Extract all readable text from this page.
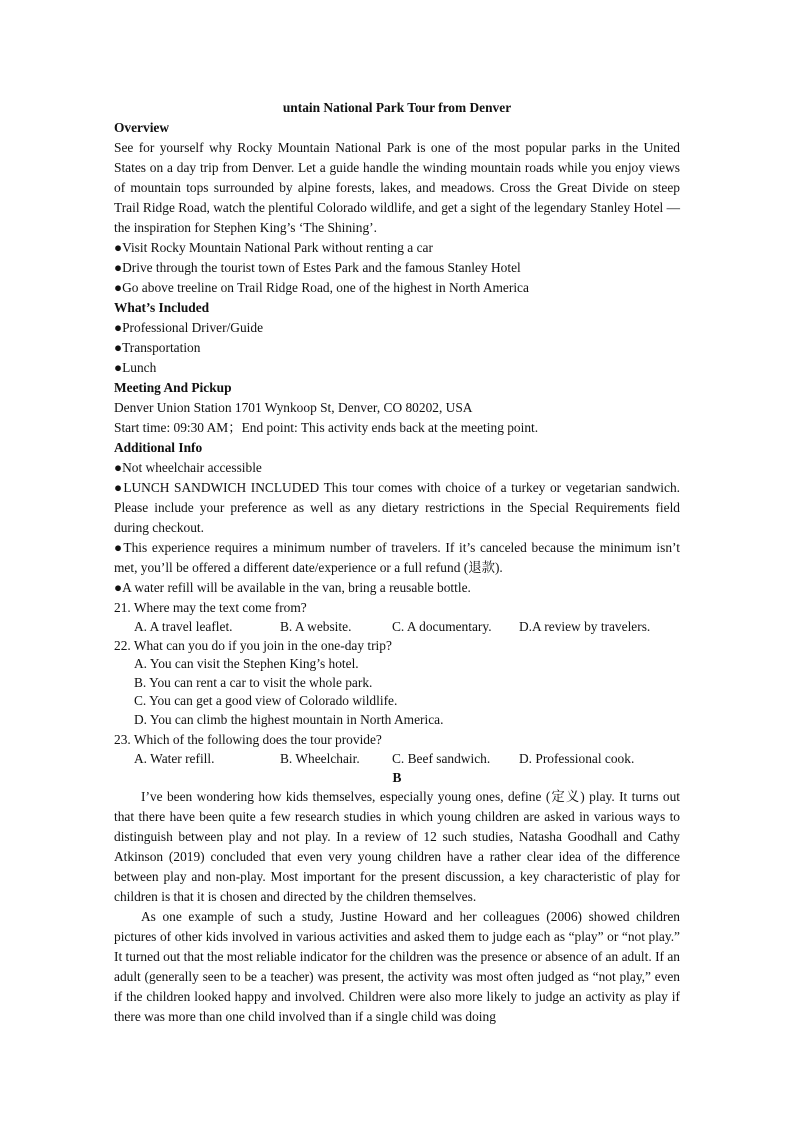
untain National Park Tour from Denver
Overview
See for yourself why Rocky Mountain National Park is one of the most popular parks in the United States on a day trip from Denver. Let a guide handle the winding mountain roads while you enjoy views of mountain tops surrounded by alpine forests, lakes, and meadows. Cross the Great Divide on steep Trail Ridge Road, watch the plentiful Colorado wildlife, and get a sight of the legendary Stanley Hotel — the inspiration for Stephen King’s ‘The Shining’.
●Visit Rocky Mountain National Park without renting a car
●Drive through the tourist town of Estes Park and the famous Stanley Hotel
●Go above treeline on Trail Ridge Road, one of the highest in North America
What’s Included
●Professional Driver/Guide
●Transportation
●Lunch
Meeting And Pickup
Denver Union Station 1701 Wynkoop St, Denver, CO 80202, USA
Start time: 09:30 AM；End point: This activity ends back at the meeting point.
Additional Info
●Not wheelchair accessible
●LUNCH SANDWICH INCLUDED This tour comes with choice of a turkey or vegetarian sandwich. Please include your preference as well as any dietary restrictions in the Special Requirements field during checkout.
●This experience requires a minimum number of travelers. If it’s canceled because the minimum isn’t met, you’ll be offered a different date/experience or a full refund (退款).
●A water refill will be available in the van, bring a reusable bottle.
21. Where may the text come from?
A. A travel leaflet.	B. A website.	C. A documentary.	D.A review by travelers.
22. What can you do if you join in the one-day trip?
A. You can visit the Stephen King’s hotel.
B. You can rent a car to visit the whole park.
C. You can get a good view of Colorado wildlife.
D. You can climb the highest mountain in North America.
23. Which of the following does the tour provide?
A. Water refill.	B. Wheelchair.	C. Beef sandwich.	D. Professional cook.
B
I’ve been wondering how kids themselves, especially young ones, define (定义) play. It turns out that there have been quite a few research studies in which young children are asked in various ways to distinguish between play and not play. In a review of 12 such studies, Natasha Goodhall and Cathy Atkinson (2019) concluded that even very young children have a rather clear idea of the difference between play and non-play. Most important for the present discussion, a key characteristic of play for children is that it is chosen and directed by the children themselves.
As one example of such a study, Justine Howard and her colleagues (2006) showed children pictures of other kids involved in various activities and asked them to judge each as “play” or “not play.” It turned out that the most reliable indicator for the children was the presence or absence of an adult. If an adult (generally seen to be a teacher) was present, the activity was most often judged as “not play,” even if the children looked happy and involved. Children were also more likely to judge an activity as play if there was more than one child involved than if a single child was doing
